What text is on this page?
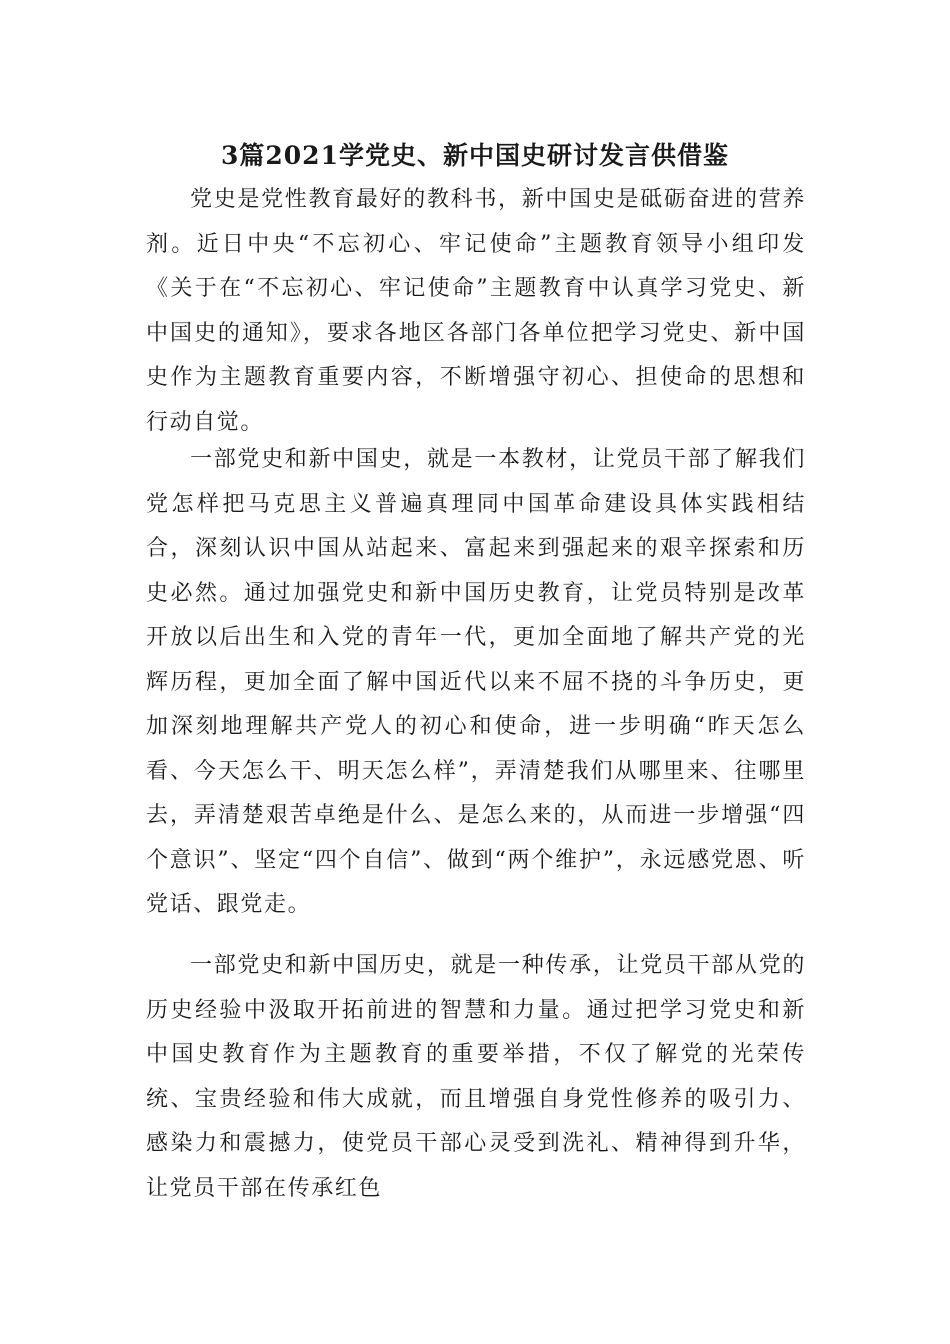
3篇2021学党史、新中国史研讨发言供借鉴

党史是党性教育最好的教科书，新中国史是砥砺奋进的营养剂。近日中央“不忘初心、牢记使命”主题教育领导小组印发《关于在“不忘初心、牢记使命”主题教育中认真学习党史、新中国史的通知》，要求各地区各部门各单位把学习党史、新中国史作为主题教育重要内容，不断增强守初心、担使命的思想和行动自觉。

一部党史和新中国史，就是一本教材，让党员干部了解我们党怎样把马克思主义普遍真理同中国革命建设具体实践相结合，深刻认识中国从站起来、富起来到强起来的艰辛探索和历史必然。通过加强党史和新中国历史教育，让党员特别是改革开放以后出生和入党的青年一代，更加全面地了解共产党的光辉历程，更加全面了解中国近代以来不屈不挠的斗争历史，更加深刻地理解共产党人的初心和使命，进一步明确“昨天怎么看、今天怎么干、明天怎么样”，弄清楚我们从哪里来、往哪里去，弄清楚艰苦卓绝是什么、是怎么来的，从而进一步增强“四个意识”、坚定“四个自信”、做到“两个维护”，永远感党恩、听党话、跟党走。

一部党史和新中国历史，就是一种传承，让党员干部从党的历史经验中汲取开拓前进的智慧和力量。通过把学习党史和新中国史教育作为主题教育的重要举措，不仅了解党的光荣传统、宝贵经验和伟大成就，而且增强自身党性修养的吸引力、感染力和震撼力，使党员干部心灵受到洗礼、精神得到升华，让党员干部在传承红色
